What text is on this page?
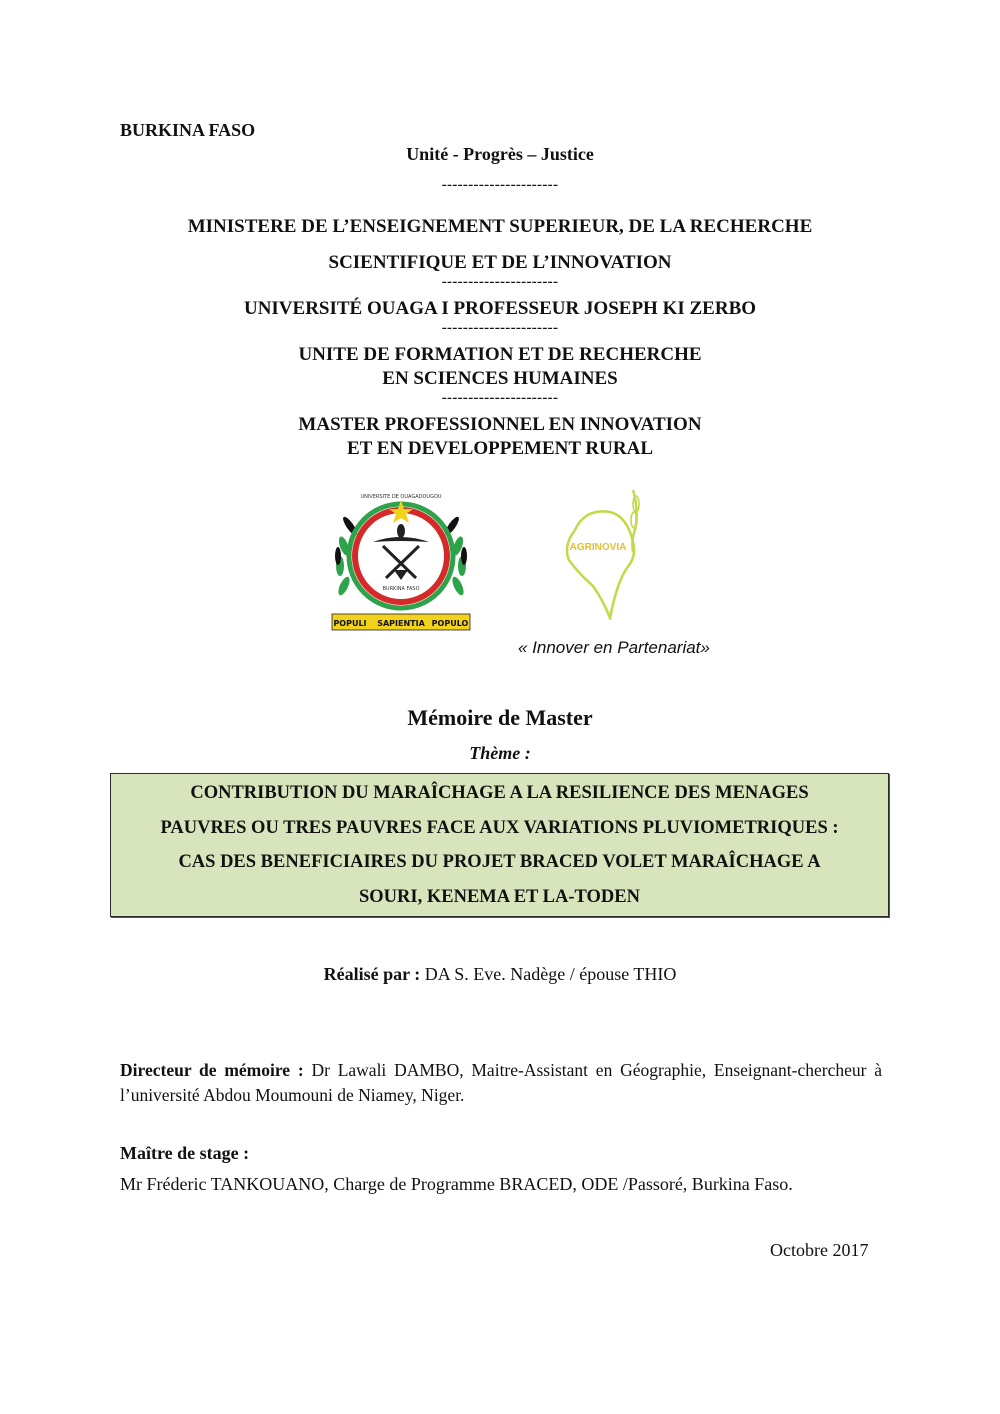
BURKINA FASO
Unité - Progrès – Justice
----------------------
MINISTERE DE L’ENSEIGNEMENT SUPERIEUR, DE LA RECHERCHE
SCIENTIFIQUE ET DE L’INNOVATION
----------------------
UNIVERSITÉ OUAGA I PROFESSEUR JOSEPH KI ZERBO
----------------------
UNITE DE FORMATION ET DE RECHERCHE
EN SCIENCES HUMAINES
----------------------
MASTER PROFESSIONNEL EN INNOVATION
ET EN DEVELOPPEMENT RURAL
UNIVERSITE DE OUAGADOUGOU
BURKINA FASO
POPULI SAPIENTIA POPULO
AGRINOVIA
« Innover en Partenariat»
Mémoire de Master
Thème :
CONTRIBUTION DU MARAÎCHAGE A LA RESILIENCE DES MENAGES
PAUVRES OU TRES PAUVRES FACE AUX VARIATIONS PLUVIOMETRIQUES :
CAS DES BENEFICIAIRES DU PROJET BRACED VOLET MARAÎCHAGE A
SOURI, KENEMA ET LA-TODEN
Réalisé par : DA S. Eve. Nadège / épouse THIO
Directeur de mémoire : Dr Lawali DAMBO, Maitre-Assistant en Géographie, Enseignant-chercheur à l’université Abdou Moumouni de Niamey, Niger.
Maître de stage :
Mr Fréderic TANKOUANO, Charge de Programme BRACED, ODE /Passoré, Burkina Faso.
Octobre 2017
